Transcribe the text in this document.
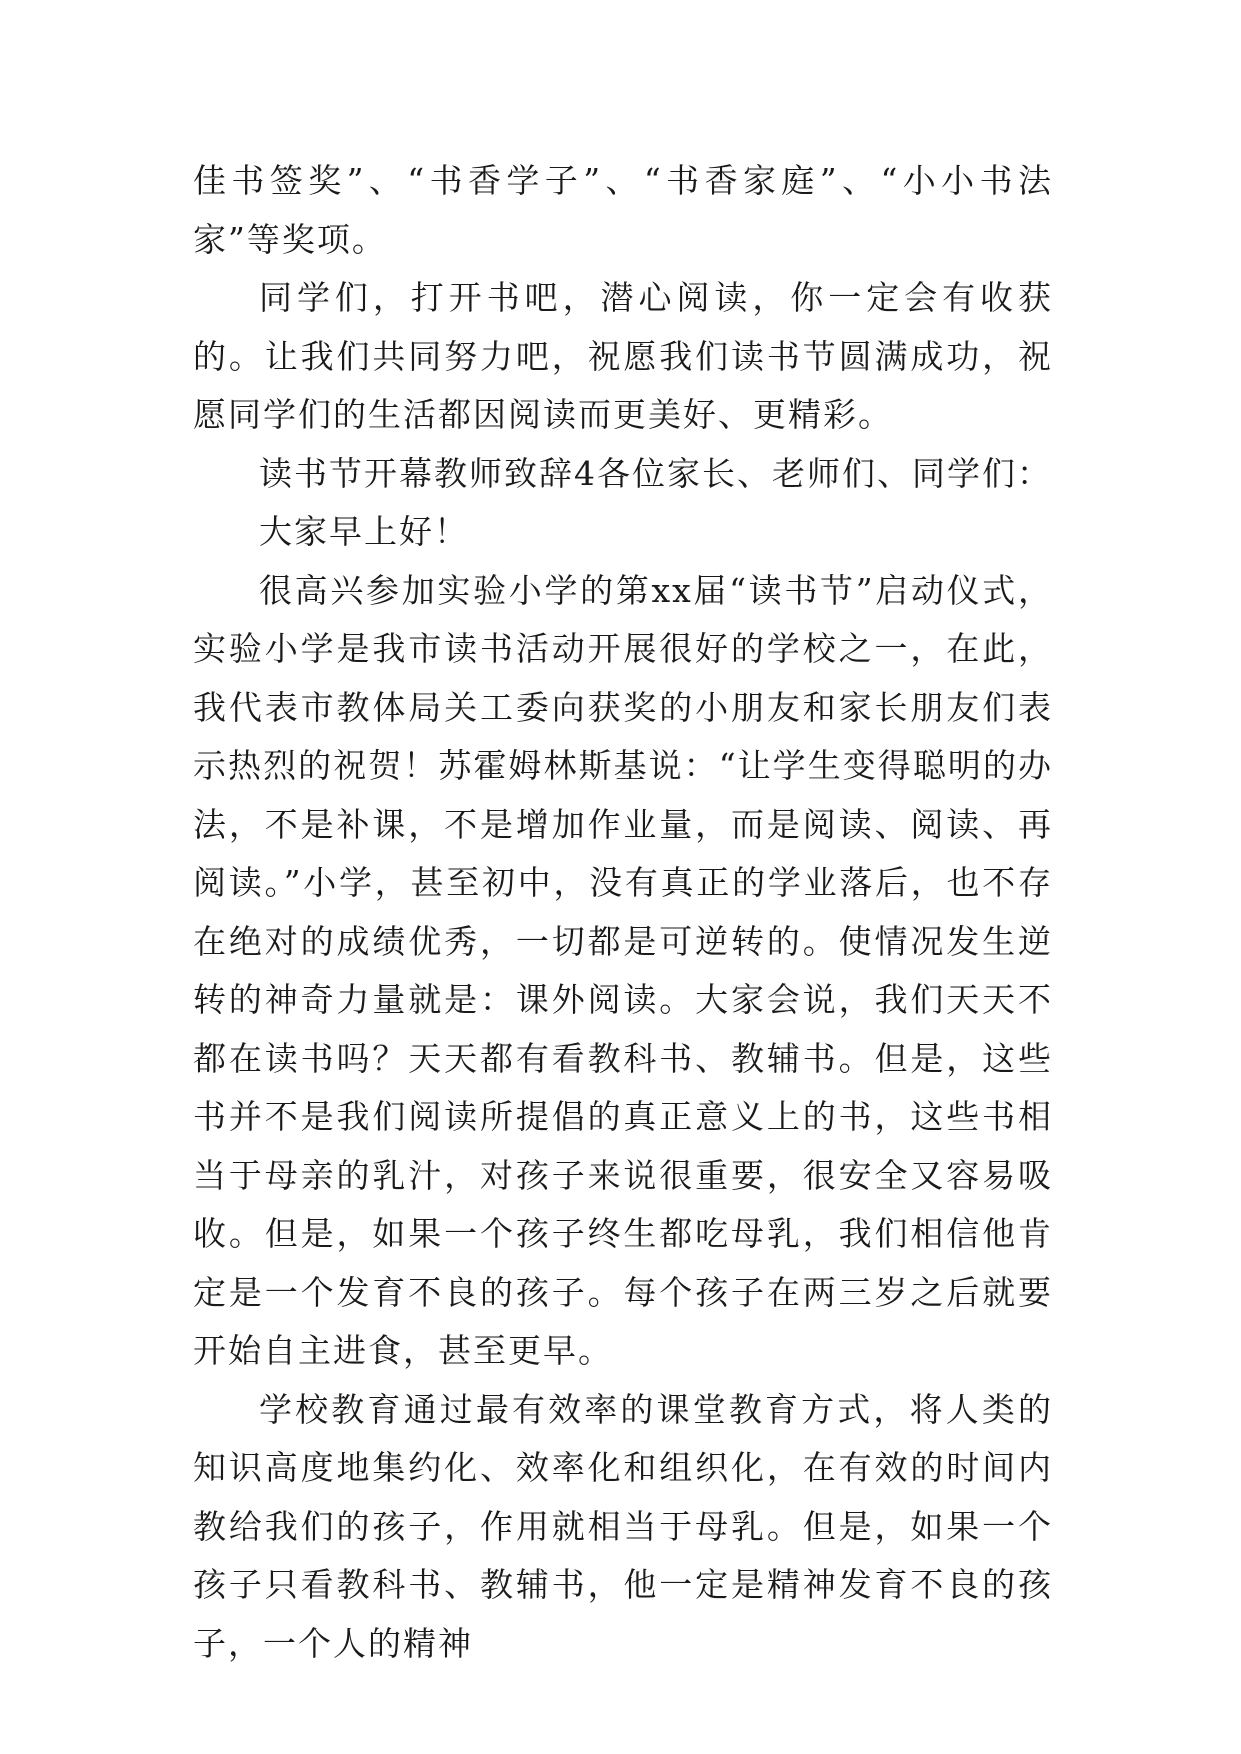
佳书签奖”、“书香学子”、“书香家庭”、“小小书法家”等奖项。

同学们，打开书吧，潜心阅读，你一定会有收获的。让我们共同努力吧，祝愿我们读书节圆满成功，祝愿同学们的生活都因阅读而更美好、更精彩。

读书节开幕教师致辞4各位家长、老师们、同学们：

大家早上好！

很高兴参加实验小学的第xx届“读书节”启动仪式，实验小学是我市读书活动开展很好的学校之一，在此，我代表市教体局关工委向获奖的小朋友和家长朋友们表示热烈的祝贺！苏霍姆林斯基说：“让学生变得聪明的办法，不是补课，不是增加作业量，而是阅读、阅读、再阅读。”小学，甚至初中，没有真正的学业落后，也不存在绝对的成绩优秀，一切都是可逆转的。使情况发生逆转的神奇力量就是：课外阅读。大家会说，我们天天不都在读书吗？天天都有看教科书、教辅书。但是，这些书并不是我们阅读所提倡的真正意义上的书，这些书相当于母亲的乳汁，对孩子来说很重要，很安全又容易吸收。但是，如果一个孩子终生都吃母乳，我们相信他肯定是一个发育不良的孩子。每个孩子在两三岁之后就要开始自主进食，甚至更早。

学校教育通过最有效率的课堂教育方式，将人类的知识高度地集约化、效率化和组织化，在有效的时间内教给我们的孩子，作用就相当于母乳。但是，如果一个孩子只看教科书、教辅书，他一定是精神发育不良的孩子，一个人的精神
